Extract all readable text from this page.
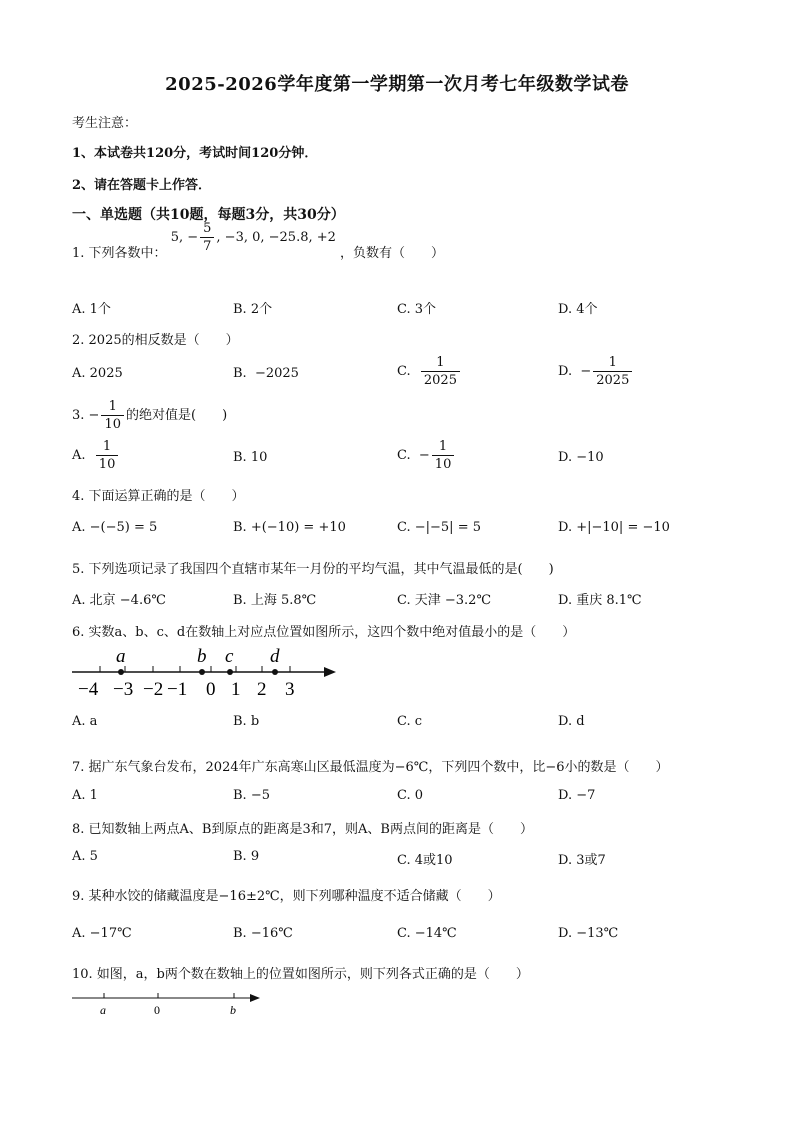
2025-2026学年度第一学期第一次月考七年级数学试卷
考生注意：
1、本试卷共120分，考试时间120分钟．
2、请在答题卡上作答．
一、单选题（共10题，每题3分，共30分）
1. 下列各数中： 5, − $\frac{5}{7}$ , −3, 0, −25.8, +2 ，负数有（　　）
A. 1个	B. 2个	C. 3个	D. 4个
2. 2025的相反数是（　　）
A. 2025	B. −2025	C. $\frac{1}{2025}$	D. − $\frac{1}{2025}$
3. − $\frac{1}{10}$ 的绝对值是(　　)
A. $\frac{1}{10}$	B. 10	C. − $\frac{1}{10}$	D. −10
4. 下面运算正确的是（　　）
A. −(−5) = 5	B. +(−10) = +10	C. −|−5| = 5	D. +|−10| = −10
5. 下列选项记录了我国四个直辖市某年一月份的平均气温，其中气温最低的是(　　)
A. 北京 −4.6℃	B. 上海 5.8℃	C. 天津 −3.2℃	D. 重庆 8.1℃
6. 实数a、b、c、d在数轴上对应点位置如图所示，这四个数中绝对值最小的是（　　）
a	b c d
−4 −3 −2 −1 0 1 2 3
A. a	B. b	C. c	D. d
7. 据广东气象台发布，2024年广东高寒山区最低温度为−6℃，下列四个数中，比−6小的数是（　　）
A. 1	B. −5	C. 0	D. −7
8. 已知数轴上两点A、B到原点的距离是3和7，则A、B两点间的距离是（　　）
A. 5	B. 9	C. 4或10	D. 3或7
9. 某种水饺的储藏温度是−16±2℃，则下列哪种温度不适合储藏（　　）
A. −17℃	B. −16℃	C. −14℃	D. −13℃
10. 如图，a，b两个数在数轴上的位置如图所示，则下列各式正确的是（　　）
a	0	b
